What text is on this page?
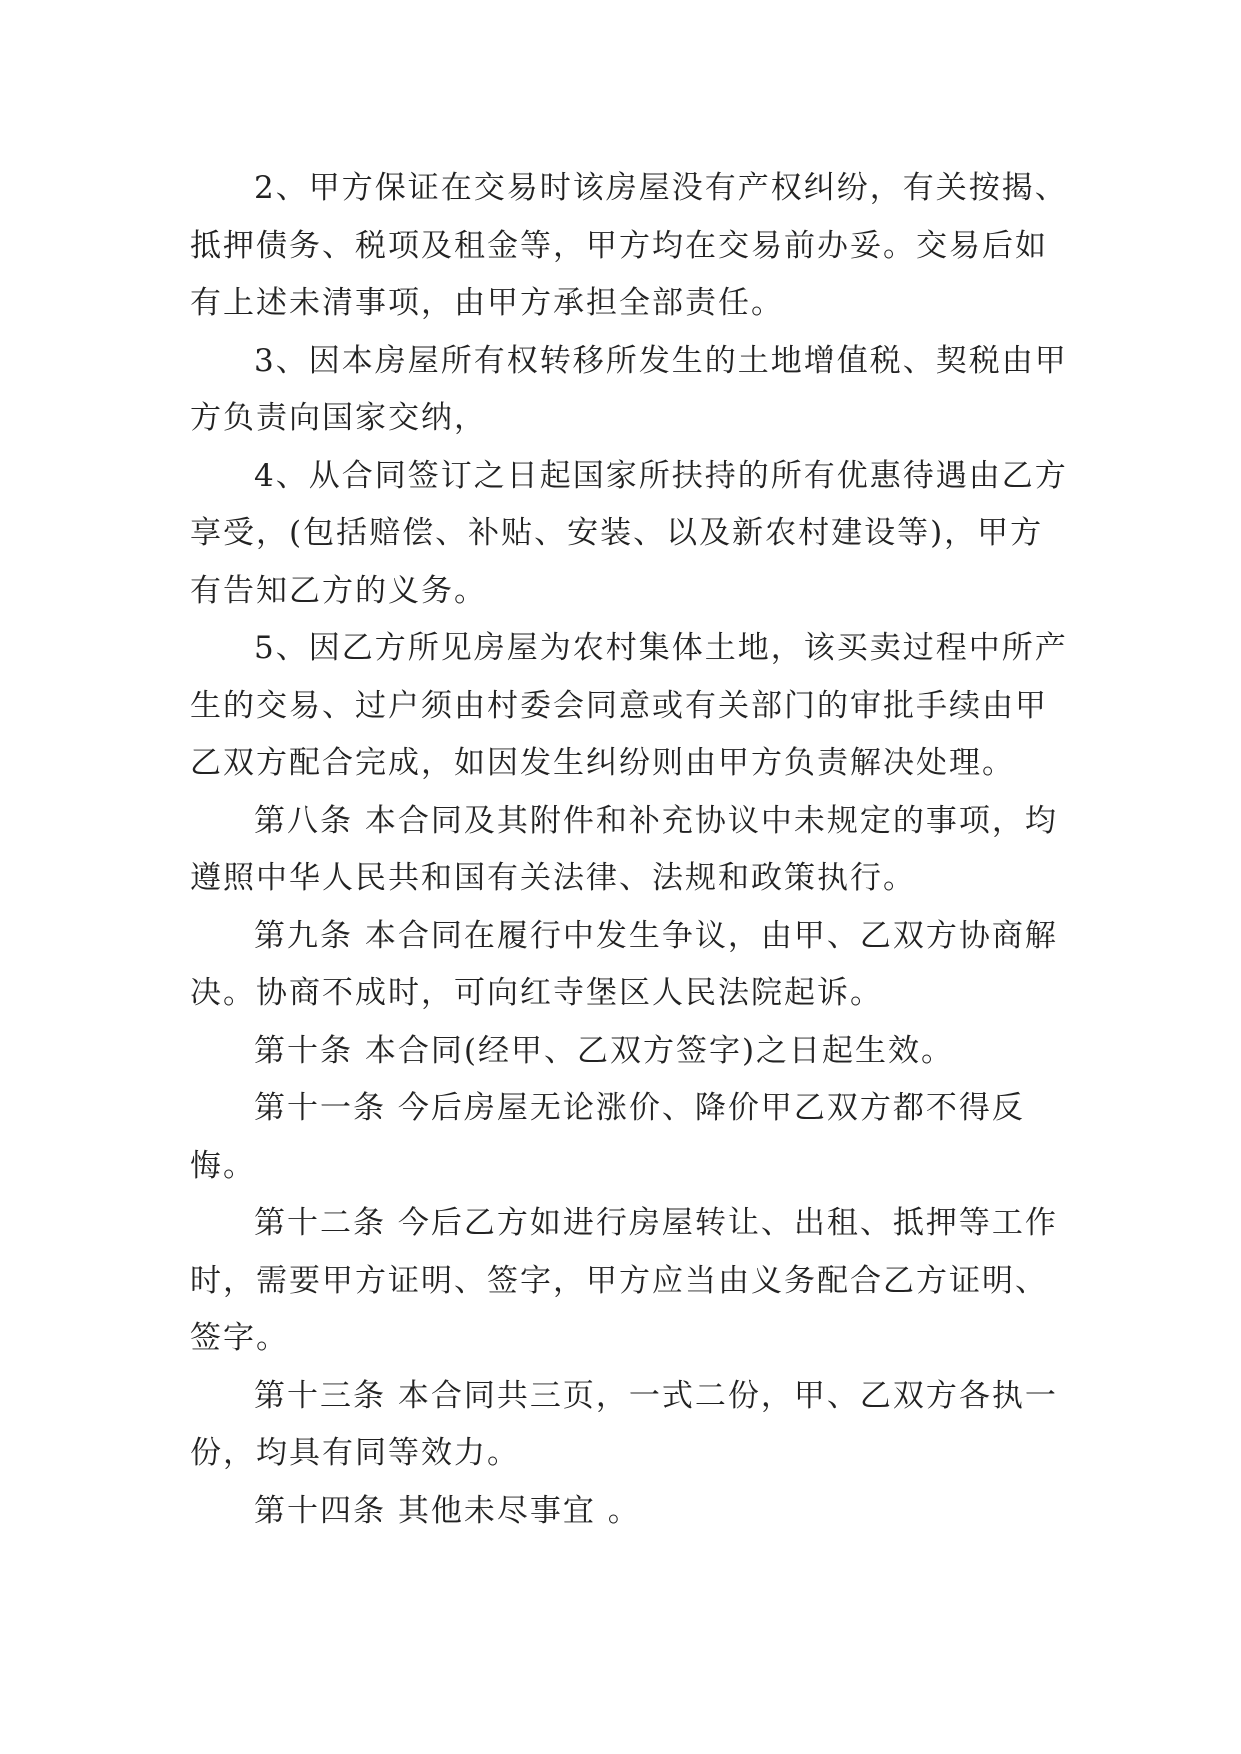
2、甲方保证在交易时该房屋没有产权纠纷，有关按揭、抵押债务、税项及租金等，甲方均在交易前办妥。交易后如有上述未清事项，由甲方承担全部责任。

3、因本房屋所有权转移所发生的土地增值税、契税由甲方负责向国家交纳，

4、从合同签订之日起国家所扶持的所有优惠待遇由乙方享受，(包括赔偿、补贴、安装、以及新农村建设等)，甲方有告知乙方的义务。

5、因乙方所见房屋为农村集体土地，该买卖过程中所产生的交易、过户须由村委会同意或有关部门的审批手续由甲乙双方配合完成，如因发生纠纷则由甲方负责解决处理。

第八条 本合同及其附件和补充协议中未规定的事项，均遵照中华人民共和国有关法律、法规和政策执行。

第九条 本合同在履行中发生争议，由甲、乙双方协商解决。协商不成时，可向红寺堡区人民法院起诉。

第十条 本合同(经甲、乙双方签字)之日起生效。

第十一条 今后房屋无论涨价、降价甲乙双方都不得反悔。

第十二条 今后乙方如进行房屋转让、出租、抵押等工作时，需要甲方证明、签字，甲方应当由义务配合乙方证明、签字。

第十三条 本合同共三页，一式二份，甲、乙双方各执一份，均具有同等效力。

第十四条 其他未尽事宜 。
